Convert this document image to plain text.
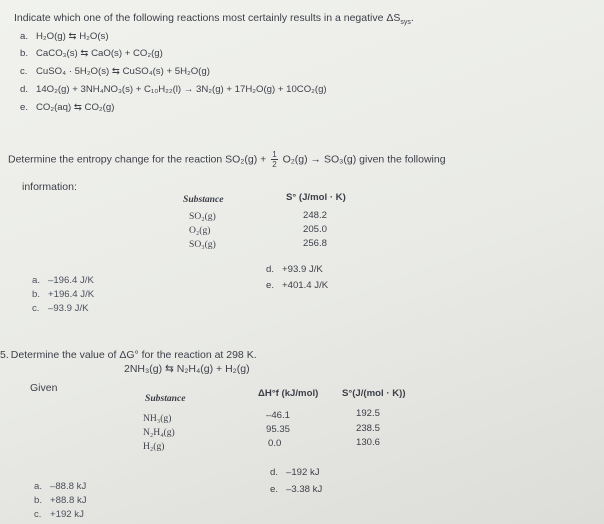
Indicate which one of the following reactions most certainly results in a negative $\Delta S_{sys}$.
a. H₂O(g) ⇆ H₂O(s)
b. CaCO₃(s) ⇆ CaO(s) + CO₂(g)
c. CuSO₄ · 5H₂O(s) ⇆ CuSO₄(s) + 5H₂O(g)
d. 14O₂(g) + 3NH₄NO₃(s) + C₁₀H₂₂(l) → 3N₂(g) + 17H₂O(g) + 10CO₂(g)
e. CO₂(aq) ⇆ CO₂(g)
Determine the entropy change for the reaction $SO_2(g) + \frac{1}{2} O_2(g) \to SO_3(g)$ given the following
information:
Substance	S° (J/mol · K)
SO₂(g)
O₂(g)
SO₃(g)
248.2
205.0
256.8
a. –196.4 J/K
b. +196.4 J/K
c. –93.9 J/K
d. +93.9 J/K
e. +401.4 J/K
5. Determine the value of ΔG° for the reaction at 298 K.
2NH₃(g) ⇆ N₂H₄(g) + H₂(g)
Given
Substance	ΔH°f (kJ/mol) S°(J/(mol · K))
NH₃(g)
N₂H₄(g)
H₂(g)
–46.1
95.35
0.0
192.5
238.5
130.6
a. –88.8 kJ
b. +88.8 kJ
c. +192 kJ
d. –192 kJ
e. –3.38 kJ
